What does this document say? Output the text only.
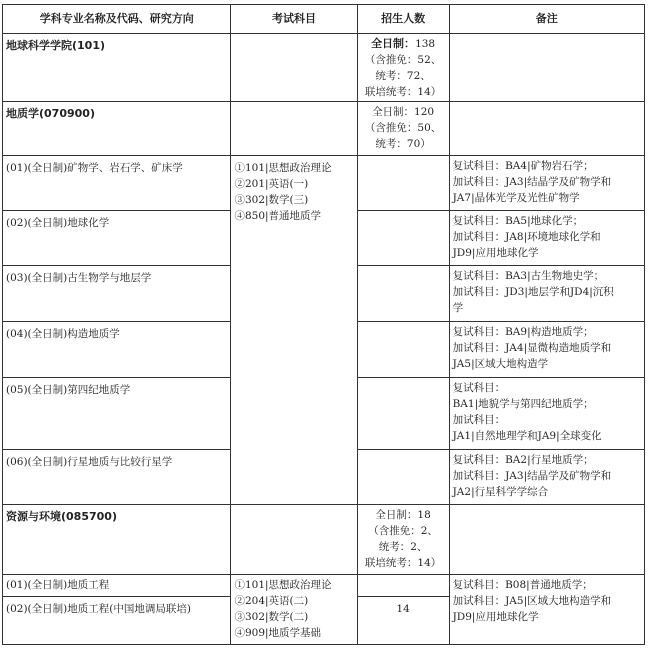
学科专业名称及代码、研究方向	考试科目	招生人数	备注
地球科学学院(101)		全日制：138
（含推免：52、
统考：72、
联培统考：14）	

地质学(070900)		全日制：120
（含推免：50、
统考：70）	

(01)(全日制)矿物学、岩石学、矿床学	①101|思想政治理论
②201|英语(一)
③302|数学(三)
④850|普通地质学		复试科目：BA4|矿物岩石学；
加试科目：JA3|结晶学及矿物学和
JA7|晶体光学及光性矿物学

(02)(全日制)地球化学			复试科目：BA5|地球化学；
加试科目：JA8|环境地球化学和
JD9|应用地球化学

(03)(全日制)古生物学与地层学			复试科目：BA3|古生物地史学；
加试科目：JD3|地层学和JD4|沉积
学

(04)(全日制)构造地质学			复试科目：BA9|构造地质学；
加试科目：JA4|显微构造地质学和
JA5|区域大地构造学

(05)(全日制)第四纪地质学			复试科目：
BA1|地貌学与第四纪地质学；
加试科目：
JA1|自然地理学和JA9|全球变化

(06)(全日制)行星地质与比较行星学			复试科目：BA2|行星地质学；
加试科目：JA3|结晶学及矿物学和
JA2|行星科学学综合

资源与环境(085700)		全日制：18
（含推免：2、
统考：2、
联培统考：14）	

(01)(全日制)地质工程	①101|思想政治理论
②204|英语(二)
③302|数学(二)
④909|地质学基础		复试科目：B08|普通地质学；
加试科目：JA5|区域大地构造学和
JD9|应用地球化学

(02)(全日制)地质工程(中国地调局联培)		14	
